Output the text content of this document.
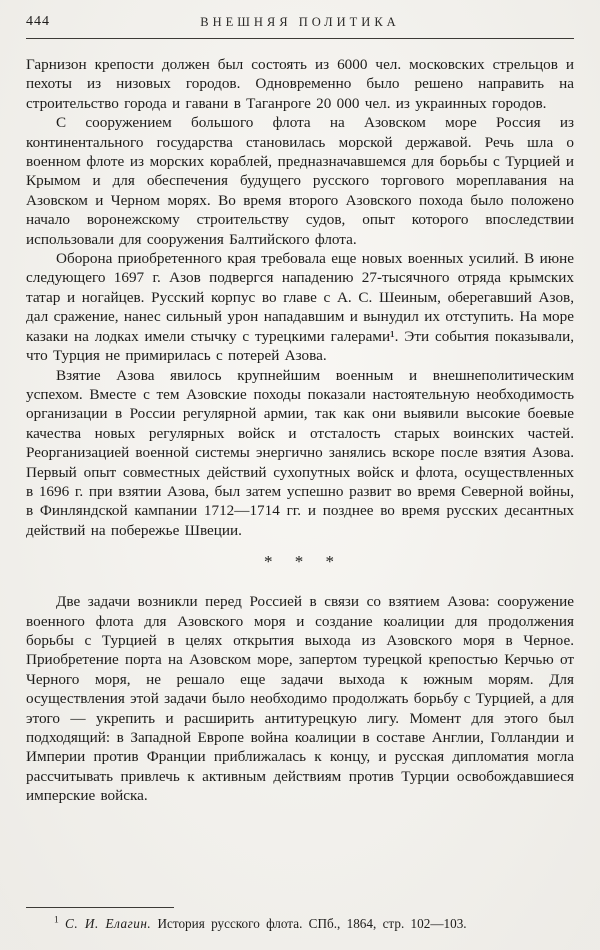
444	ВНЕШНЯЯ ПОЛИТИКА

Гарнизон крепости должен был состоять из 6000 чел. московских стрельцов и пехоты из низовых городов. Одновременно было решено направить на строительство города и гавани в Таганроге 20 000 чел. из украинных городов.

С сооружением большого флота на Азовском море Россия из континентального государства становилась морской державой. Речь шла о военном флоте из морских кораблей, предназначавшемся для борьбы с Турцией и Крымом и для обеспечения будущего русского торгового мореплавания на Азовском и Черном морях. Во время второго Азовского похода было положено начало воронежскому строительству судов, опыт которого впоследствии использовали для сооружения Балтийского флота.

Оборона приобретенного края требовала еще новых военных усилий. В июне следующего 1697 г. Азов подвергся нападению 27-тысячного отряда крымских татар и ногайцев. Русский корпус во главе с А. С. Шеиным, оберегавший Азов, дал сражение, нанес сильный урон нападавшим и вынудил их отступить. На море казаки на лодках имели стычку с турецкими галерами¹. Эти события показывали, что Турция не примирилась с потерей Азова.

Взятие Азова явилось крупнейшим военным и внешнеполитическим успехом. Вместе с тем Азовские походы показали настоятельную необходимость организации в России регулярной армии, так как они выявили высокие боевые качества новых регулярных войск и отсталость старых воинских частей. Реорганизацией военной системы энергично занялись вскоре после взятия Азова. Первый опыт совместных действий сухопутных войск и флота, осуществленных в 1696 г. при взятии Азова, был затем успешно развит во время Северной войны, в Финляндской кампании 1712—1714 гг. и позднее во время русских десантных действий на побережье Швеции.

* * *

Две задачи возникли перед Россией в связи со взятием Азова: сооружение военного флота для Азовского моря и создание коалиции для продолжения борьбы с Турцией в целях открытия выхода из Азовского моря в Черное. Приобретение порта на Азовском море, запертом турецкой крепостью Керчью от Черного моря, не решало еще задачи выхода к южным морям. Для осуществления этой задачи было необходимо продолжать борьбу с Турцией, а для этого — укрепить и расширить антитурецкую лигу. Момент для этого был подходящий: в Западной Европе война коалиции в составе Англии, Голландии и Империи против Франции приближалась к концу, и русская дипломатия могла рассчитывать привлечь к активным действиям против Турции освобождавшиеся имперские войска.

$^1$ С. И. Елагин. История русского флота. СПб., 1864, стр. 102—103.
